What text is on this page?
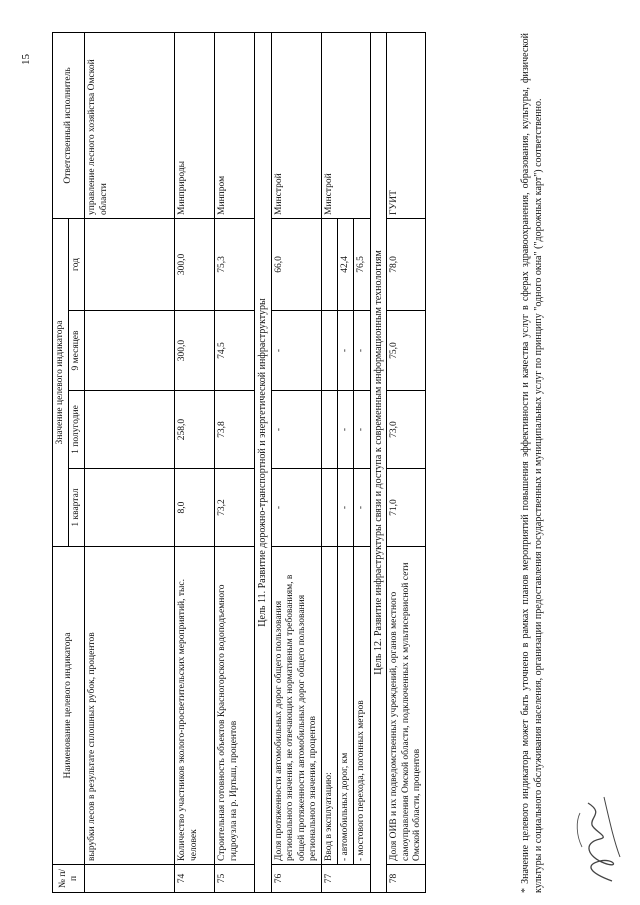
15
№ п/п	Наименование целевого индикатора	Значение целевого индикатора				Ответственный исполнитель
		1 квартал	1 полугодие	9 месяцев	год	
	вырубки лесов в результате сплошных рубок, процентов					управление лесного хозяйства Омской области
74	Количество участников эколого-просветительских мероприятий, тыс. человек	8,0	258,0	300,0	300,0	Минприроды
75	Строительная готовность объектов Красногорского водоподъемного гидроузла на р. Иртыш, процентов	73,2	73,8	74,5	75,3	Минпром
Цель 11. Развитие дорожно-транспортной и энергетической инфраструктуры						
76	Доля протяженности автомобильных дорог общего пользования регионального значения, не отвечающих нормативным требованиям, в общей протяженности автомобильных дорог общего пользования регионального значения, процентов	-	-	-	66,0	Минстрой
77	Ввод в эксплуатацию:					Минстрой
	- автомобильных дорог, км	-	-	-	42,4	
	- мостового перехода, погонных метров	-	-	-	76,5	
Цель 12. Развитие инфраструктуры связи и доступа к современным информационным технологиям						
78	Доля ОИВ и их подведомственных учреждений, органов местного самоуправления Омской области, подключенных к мультисервисной сети Омской области, процентов	71,0	73,0	75,0	78,0	ГУИТ	* Значение целевого индикатора может быть уточнено в рамках планов мероприятий повышения эффективности и качества услуг в сферах здравоохранения, образования, культуры, физической культуры и социального обслуживания населения, организации предоставления государственных и муниципальных услуг по принципу "одного окна" ("дорожных карт") соответственно.
